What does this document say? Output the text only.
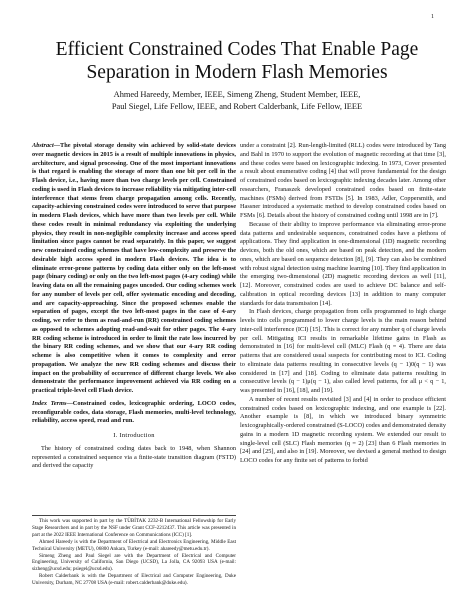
1
Efficient Constrained Codes That Enable Page Separation in Modern Flash Memories
Ahmed Hareedy, Member, IEEE, Simeng Zheng, Student Member, IEEE,
Paul Siegel, Life Fellow, IEEE, and Robert Calderbank, Life Fellow, IEEE

Abstract—The pivotal storage density win achieved by solid-state devices over magnetic devices in 2015 is a result of multiple innovations in physics, architecture, and signal processing. One of the most important innovations is that regard is enabling the storage of more than one bit per cell in the Flash device, i.e., having more than two charge levels per cell. Constrained coding is used in Flash devices to increase reliability via mitigating inter-cell interference that stems from charge propagation among cells. Recently, capacity-achieving constrained codes were introduced to serve that purpose in modern Flash devices, which have more than two levels per cell. While these codes result in minimal redundancy via exploiting the underlying physics, they result in non-negligible complexity increase and access speed limitation since pages cannot be read separately. In this paper, we suggest new constrained coding schemes that have low-complexity and preserve the desirable high access speed in modern Flash devices. The idea is to eliminate error-prone patterns by coding data either only on the left-most page (binary coding) or only on the two left-most pages (4-ary coding) while leaving data on all the remaining pages uncoded. Our coding schemes work for any number of levels per cell, offer systematic encoding and decoding, and are capacity-approaching. Since the proposed schemes enable the separation of pages, except the two left-most pages in the case of 4-ary coding, we refer to them as read-and-run (RR) constrained coding schemes as opposed to schemes adopting read-and-wait for other pages. The 4-ary RR coding scheme is introduced in order to limit the rate loss incurred by the binary RR coding schemes, and we show that our 4-ary RR coding scheme is also competitive when it comes to complexity and error propagation. We analyze the new RR coding schemes and discuss their impact on the probability of occurrence of different charge levels. We also demonstrate the performance improvement achieved via RR coding on a practical triple-level cell Flash device.

Index Terms—Constrained codes, lexicographic ordering, LOCO codes, reconfigurable codes, data storage, Flash memories, multi-level technology, reliability, access speed, read and run.

I. Introduction

The history of constrained coding dates back to 1948, when Shannon represented a constrained sequence via a finite-state transition diagram (FSTD) and derived the capacity

This work was supported in part by the TÜBİTAK 2232-B International Fellowship for Early Stage Researchers and in part by the NSF under Grant CCF-2212437. This article was presented in part at the 2022 IEEE International Conference on Communications (ICC) [1].

Ahmed Hareedy is with the Department of Electrical and Electronics Engineering, Middle East Technical University (METU), 06800 Ankara, Turkey (e-mail: ahareedy@metu.edu.tr).

Simeng Zheng and Paul Siegel are with the Department of Electrical and Computer Engineering, University of California, San Diego (UCSD), La Jolla, CA 92093 USA (e-mail: sizheng@ucsd.edu; psiegel@ucsd.edu).

Robert Calderbank is with the Department of Electrical and Computer Engineering, Duke University, Durham, NC 27708 USA (e-mail: robert.calderbank@duke.edu).

under a constraint [2]. Run-length-limited (RLL) codes were introduced by Tang and Bahl in 1970 to support the evolution of magnetic recording at that time [3], and these codes were based on lexicographic indexing. In 1973, Cover presented a result about enumerative coding [4] that will prove fundamental for the design of constrained codes based on lexicographic indexing decades later. Among other researchers, Franaszek developed constrained codes based on finite-state machines (FSMs) derived from FSTDs [5]. In 1983, Adler, Coppersmith, and Hassner introduced a systematic method to develop constrained codes based on FSMs [6]. Details about the history of constrained coding until 1998 are in [7].

Because of their ability to improve performance via eliminating error-prone data patterns and undesirable sequences, constrained codes have a plethora of applications. They find application in one-dimensional (1D) magnetic recording devices, both the old ones, which are based on peak detection, and the modern ones, which are based on sequence detection [8], [9]. They can also be combined with robust signal detection using machine learning [10]. They find application in the emerging two-dimensional (2D) magnetic recording devices as well [11], [12]. Moreover, constrained codes are used to achieve DC balance and self-calibration in optical recording devices [13] in addition to many computer standards for data transmission [14].

In Flash devices, charge propagation from cells programmed to high charge levels into cells programmed to lower charge levels is the main reason behind inter-cell interference (ICI) [15]. This is correct for any number q of charge levels per cell. Mitigating ICI results in remarkable lifetime gains in Flash as demonstrated in [16] for multi-level cell (MLC) Flash (q = 4). There are data patterns that are considered usual suspects for contributing most to ICI. Coding to eliminate data patterns resulting in consecutive levels (q − 1)0(q − 1) was considered in [17] and [18]. Coding to eliminate data patterns resulting in consecutive levels (q − 1)μ(q − 1), also called level patterns, for all μ < q − 1, was presented in [16], [18], and [19].

A number of recent results revisited [3] and [4] in order to produce efficient constrained codes based on lexicographic indexing, and one example is [22]. Another example is [8], in which we introduced binary symmetric lexicographically-ordered constrained (S-LOCO) codes and demonstrated density gains in a modern 1D magnetic recording system. We extended our result to single-level cell (SLC) Flash memories (q = 2) [23] than 6 Flash memories in [24] and [25], and also in [19]. Moreover, we devised a general method to design LOCO codes for any finite set of patterns to forbid
